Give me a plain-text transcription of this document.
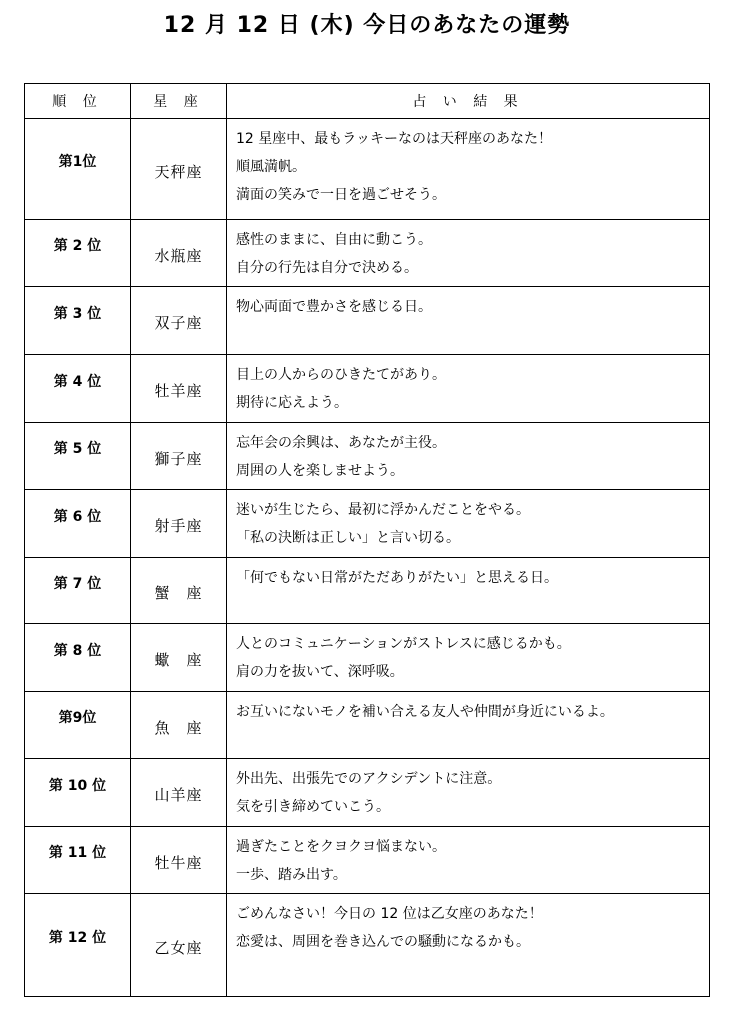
12 月 12 日 (木) 今日のあなたの運勢
順 位	星 座	占 い 結 果
第1位	天秤座	12 星座中、最もラッキーなのは天秤座のあなた！
順風満帆。
満面の笑みで一日を過ごせそう。

第 2 位	水瓶座	感性のままに、自由に動こう。
自分の行先は自分で決める。

第 3 位	双子座	物心両面で豊かさを感じる日。

第 4 位	牡羊座	目上の人からのひきたてがあり。
期待に応えよう。

第 5 位	獅子座	忘年会の余興は、あなたが主役。
周囲の人を楽しませよう。

第 6 位	射手座	迷いが生じたら、最初に浮かんだことをやる。
「私の決断は正しい」と言い切る。

第 7 位	蟹　座	「何でもない日常がただありがたい」と思える日。

第 8 位	蠍　座	人とのコミュニケーションがストレスに感じるかも。
肩の力を抜いて、深呼吸。

第9位	魚　座	お互いにないモノを補い合える友人や仲間が身近にいるよ。

第 10 位	山羊座	外出先、出張先でのアクシデントに注意。
気を引き締めていこう。

第 11 位	牡牛座	過ぎたことをクヨクヨ悩まない。
一歩、踏み出す。

第 12 位	乙女座	ごめんなさい！今日の 12 位は乙女座のあなた！
恋愛は、周囲を巻き込んでの騒動になるかも。
